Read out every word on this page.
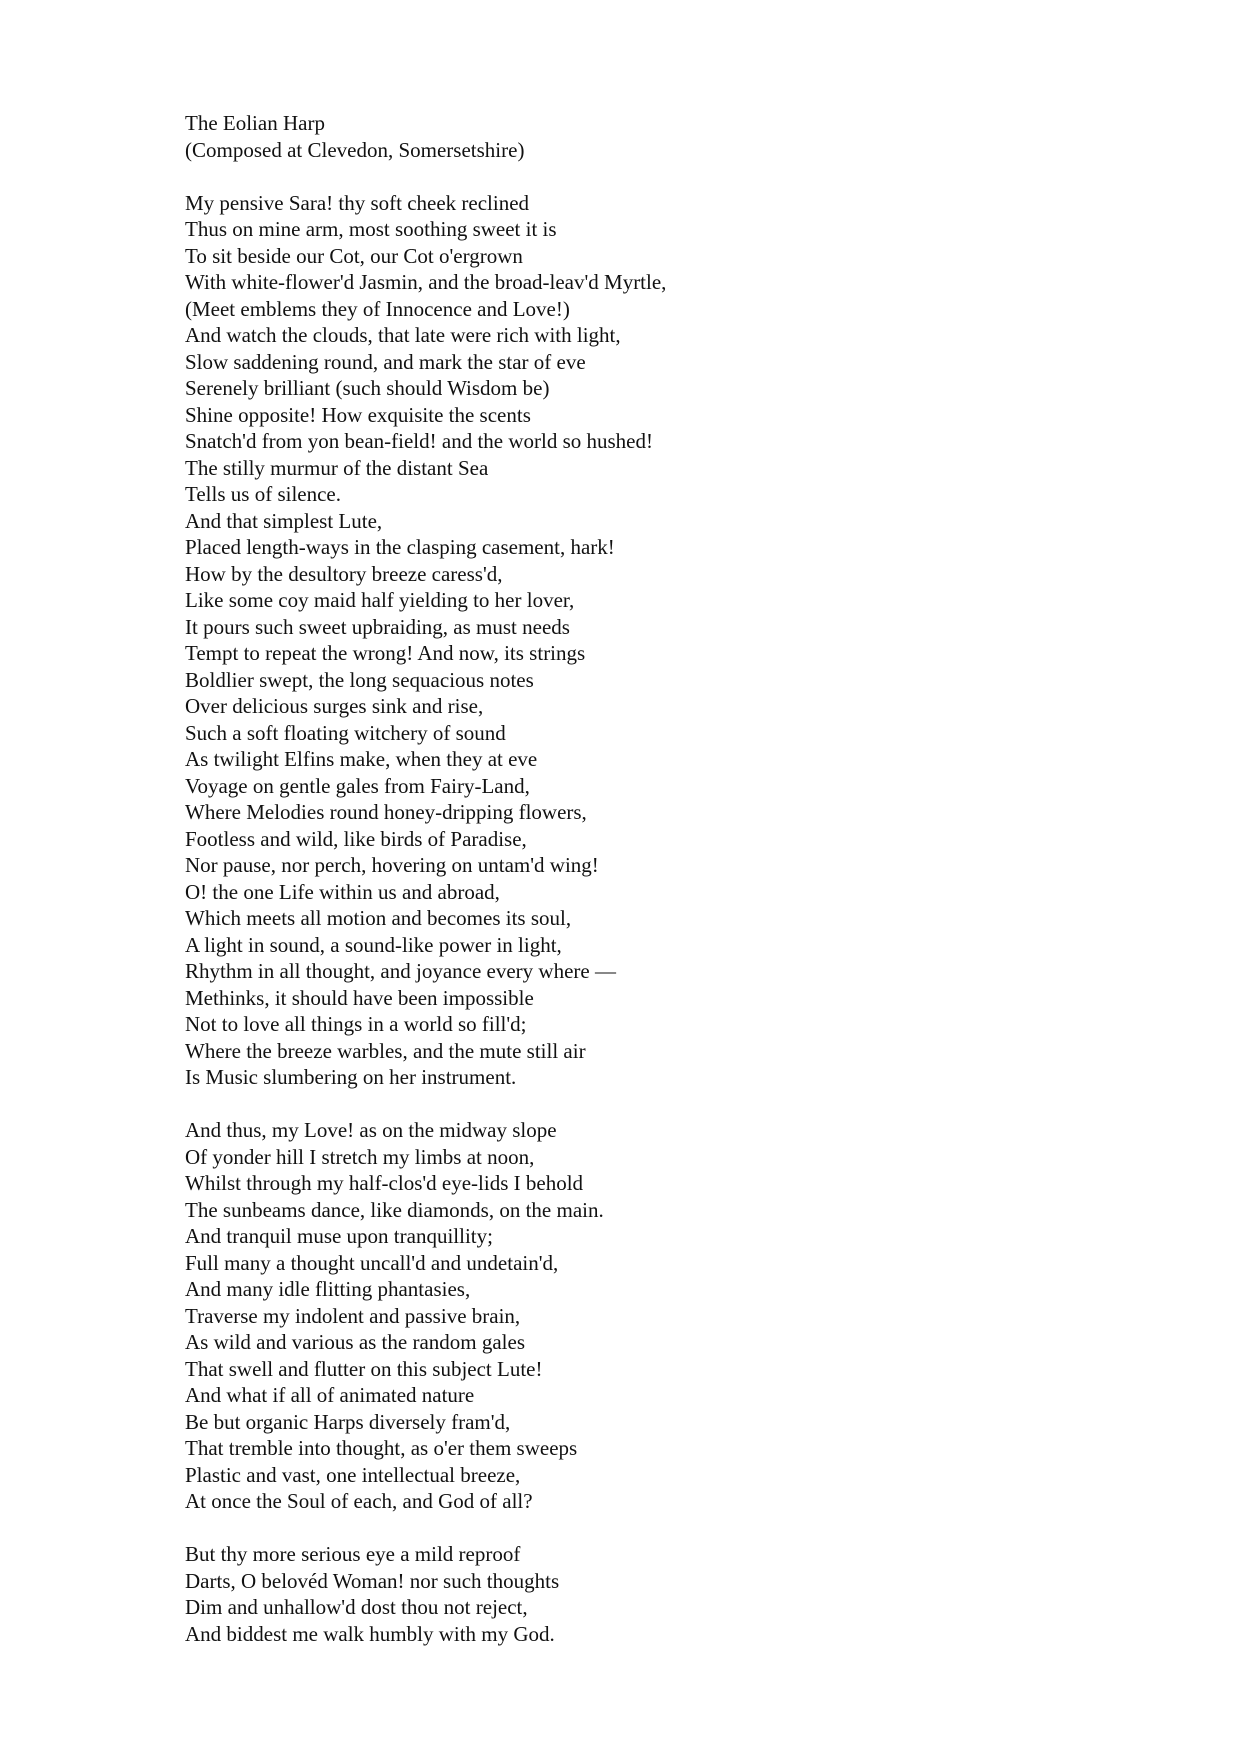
The Eolian Harp
(Composed at Clevedon, Somersetshire)
My pensive Sara! thy soft cheek reclined
Thus on mine arm, most soothing sweet it is
To sit beside our Cot, our Cot o'ergrown
With white-flower'd Jasmin, and the broad-leav'd Myrtle,
(Meet emblems they of Innocence and Love!)
And watch the clouds, that late were rich with light,
Slow saddening round, and mark the star of eve
Serenely brilliant (such should Wisdom be)
Shine opposite! How exquisite the scents
Snatch'd from yon bean-field! and the world so hushed!
The stilly murmur of the distant Sea
Tells us of silence.
And that simplest Lute,
Placed length-ways in the clasping casement, hark!
How by the desultory breeze caress'd,
Like some coy maid half yielding to her lover,
It pours such sweet upbraiding, as must needs
Tempt to repeat the wrong! And now, its strings
Boldlier swept, the long sequacious notes
Over delicious surges sink and rise,
Such a soft floating witchery of sound
As twilight Elfins make, when they at eve
Voyage on gentle gales from Fairy-Land,
Where Melodies round honey-dripping flowers,
Footless and wild, like birds of Paradise,
Nor pause, nor perch, hovering on untam'd wing!
O! the one Life within us and abroad,
Which meets all motion and becomes its soul,
A light in sound, a sound-like power in light,
Rhythm in all thought, and joyance every where —
Methinks, it should have been impossible
Not to love all things in a world so fill'd;
Where the breeze warbles, and the mute still air
Is Music slumbering on her instrument.
And thus, my Love! as on the midway slope
Of yonder hill I stretch my limbs at noon,
Whilst through my half-clos'd eye-lids I behold
The sunbeams dance, like diamonds, on the main.
And tranquil muse upon tranquillity;
Full many a thought uncall'd and undetain'd,
And many idle flitting phantasies,
Traverse my indolent and passive brain,
As wild and various as the random gales
That swell and flutter on this subject Lute!
And what if all of animated nature
Be but organic Harps diversely fram'd,
That tremble into thought, as o'er them sweeps
Plastic and vast, one intellectual breeze,
At once the Soul of each, and God of all?
But thy more serious eye a mild reproof
Darts, O belovéd Woman! nor such thoughts
Dim and unhallow'd dost thou not reject,
And biddest me walk humbly with my God.
